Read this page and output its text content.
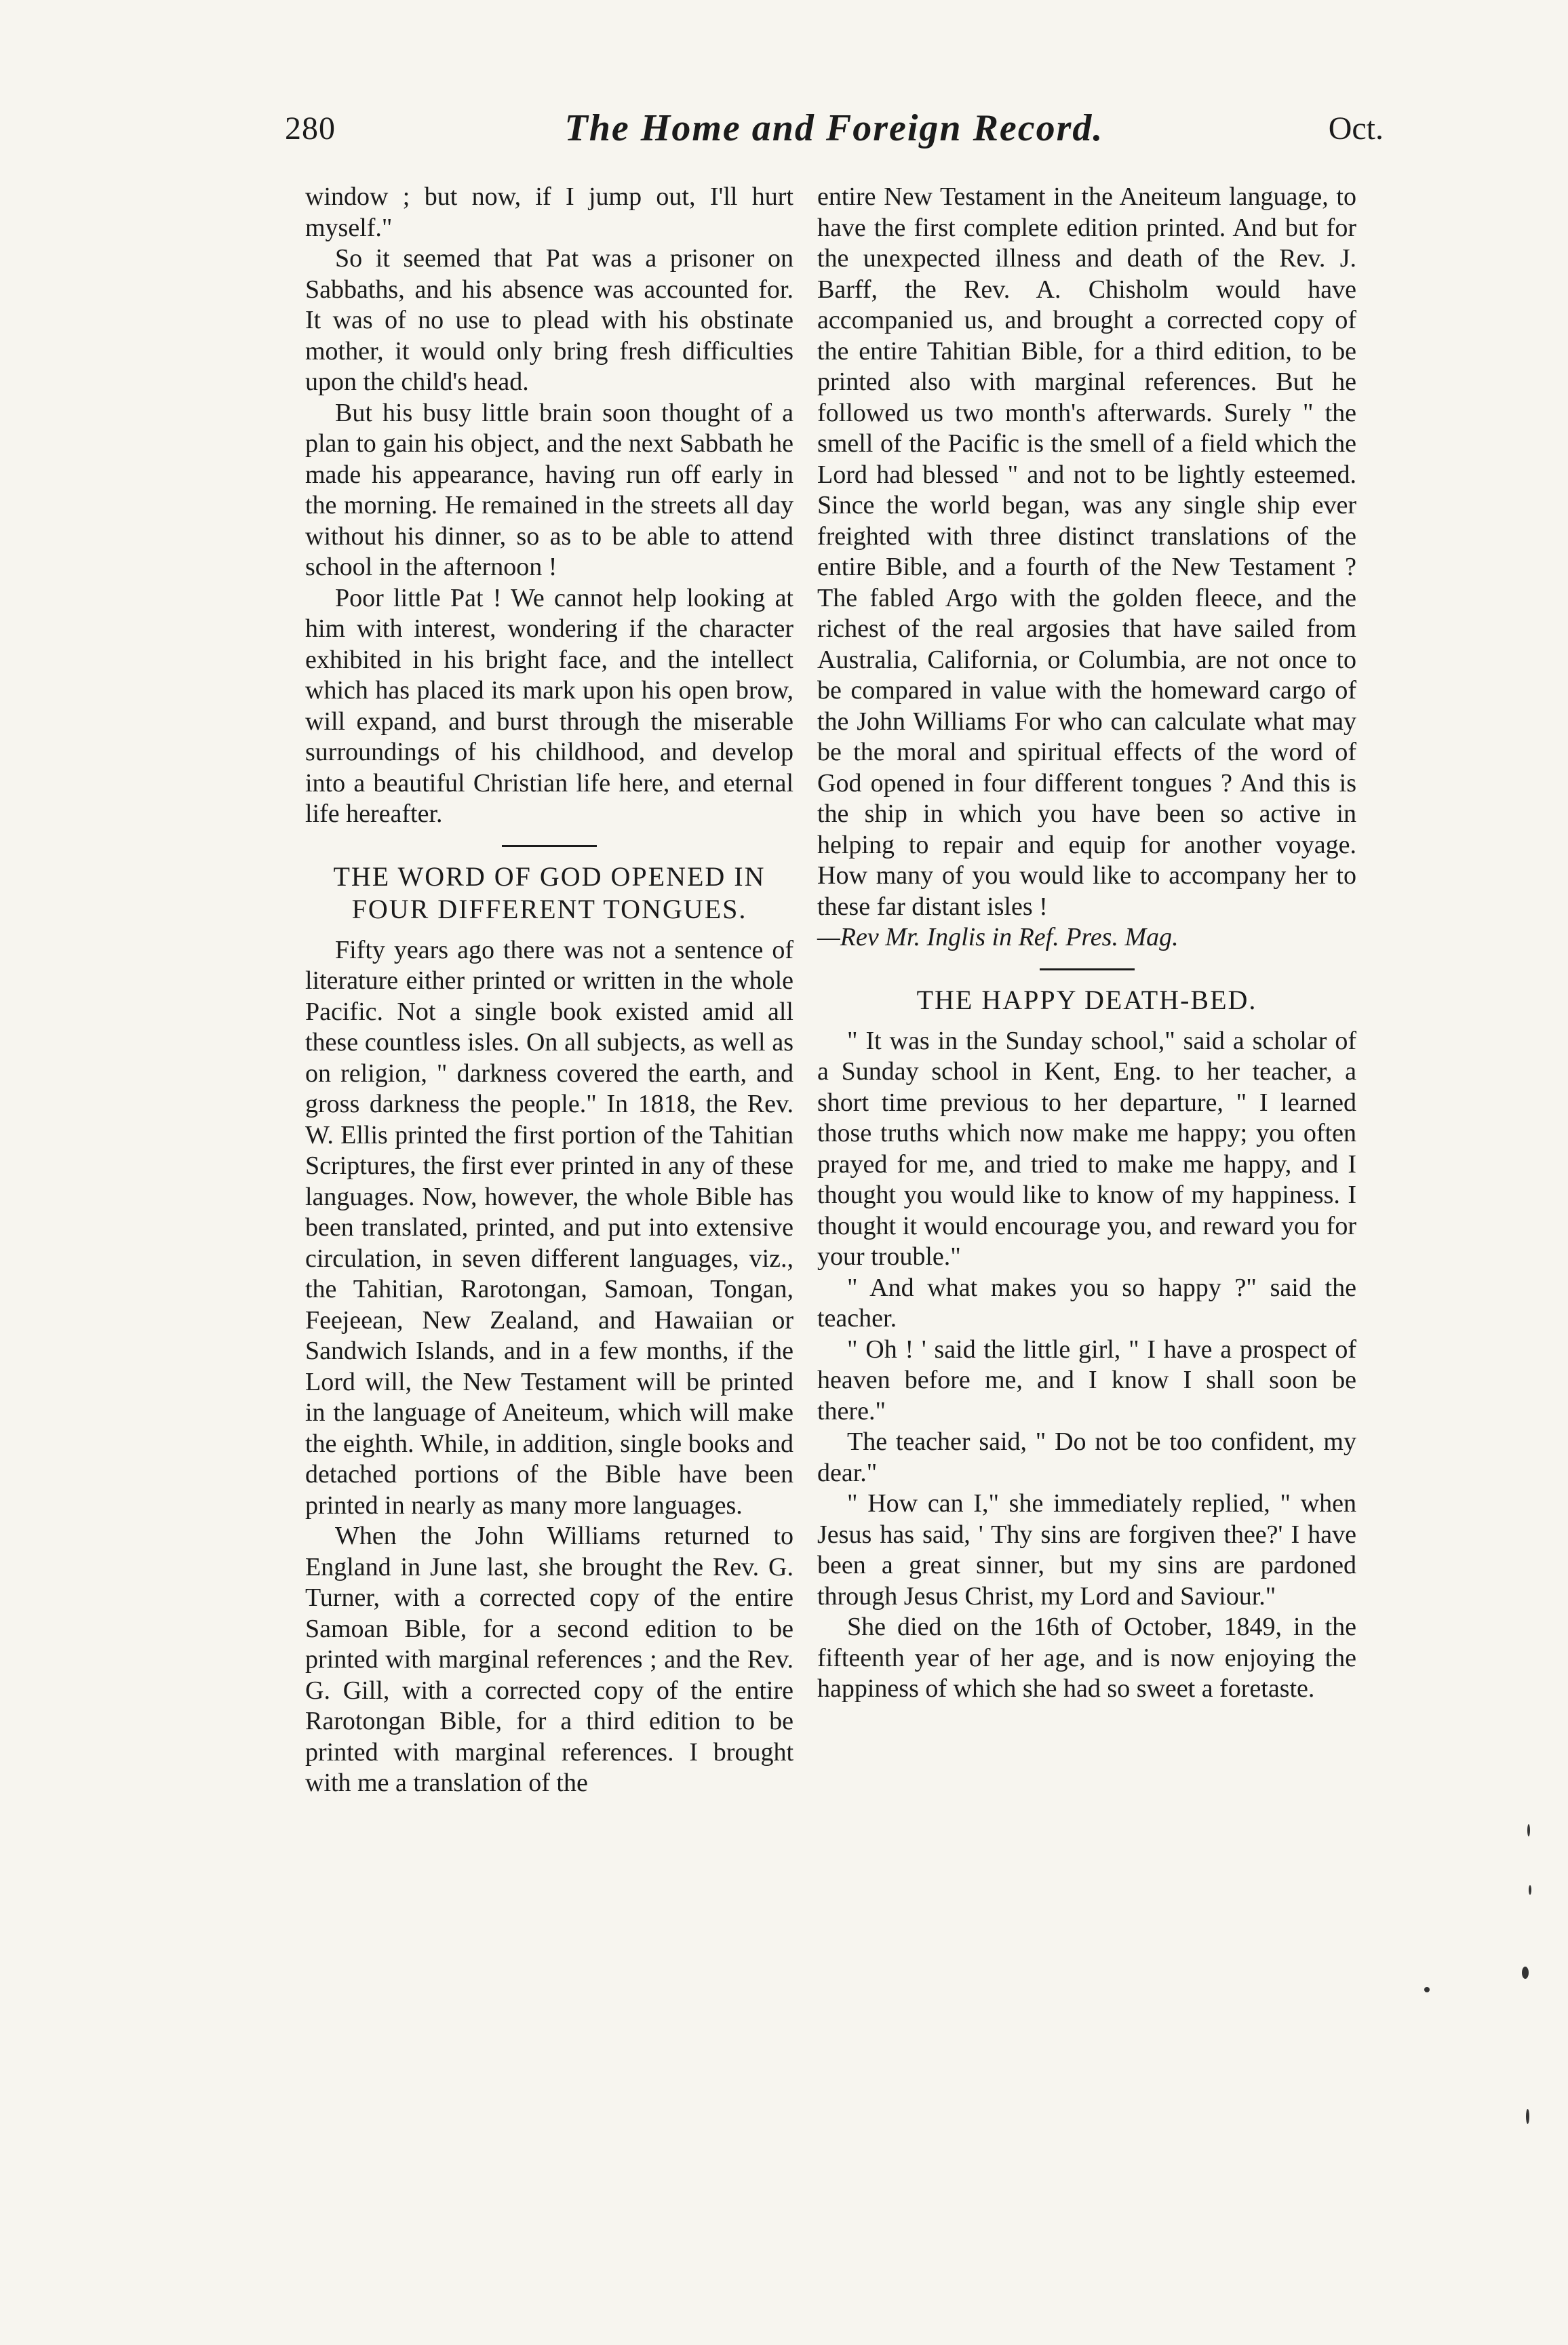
280	The Home and Foreign Record.	Oct.

window ; but now, if I jump out, I'll hurt myself."

So it seemed that Pat was a prisoner on Sabbaths, and his absence was accounted for. It was of no use to plead with his obstinate mother, it would only bring fresh difficulties upon the child's head.

But his busy little brain soon thought of a plan to gain his object, and the next Sabbath he made his appearance, having run off early in the morning. He remained in the streets all day without his dinner, so as to be able to attend school in the afternoon !

Poor little Pat ! We cannot help looking at him with interest, wondering if the character exhibited in his bright face, and the intellect which has placed its mark upon his open brow, will expand, and burst through the miserable surroundings of his childhood, and develop into a beautiful Christian life here, and eternal life hereafter.

THE WORD OF GOD OPENED IN
FOUR DIFFERENT TONGUES.

Fifty years ago there was not a sentence of literature either printed or written in the whole Pacific. Not a single book existed amid all these countless isles. On all subjects, as well as on religion, " darkness covered the earth, and gross darkness the people." In 1818, the Rev. W. Ellis printed the first portion of the Tahitian Scriptures, the first ever printed in any of these languages. Now, however, the whole Bible has been translated, printed, and put into extensive circulation, in seven different languages, viz., the Tahitian, Rarotongan, Samoan, Tongan, Feejeean, New Zealand, and Hawaiian or Sandwich Islands, and in a few months, if the Lord will, the New Testament will be printed in the language of Aneiteum, which will make the eighth. While, in addition, single books and detached portions of the Bible have been printed in nearly as many more languages.

When the John Williams returned to England in June last, she brought the Rev. G. Turner, with a corrected copy of the entire Samoan Bible, for a second edition to be printed with marginal references ; and the Rev. G. Gill, with a corrected copy of the entire Rarotongan Bible, for a third edition to be printed with marginal references. I brought with me a translation of the

entire New Testament in the Aneiteum language, to have the first complete edition printed. And but for the unexpected illness and death of the Rev. J. Barff, the Rev. A. Chisholm would have accompanied us, and brought a corrected copy of the entire Tahitian Bible, for a third edition, to be printed also with marginal references. But he followed us two month's afterwards. Surely " the smell of the Pacific is the smell of a field which the Lord had blessed " and not to be lightly esteemed. Since the world began, was any single ship ever freighted with three distinct translations of the entire Bible, and a fourth of the New Testament ? The fabled Argo with the golden fleece, and the richest of the real argosies that have sailed from Australia, California, or Columbia, are not once to be compared in value with the homeward cargo of the John Williams For who can calculate what may be the moral and spiritual effects of the word of God opened in four different tongues ? And this is the ship in which you have been so active in helping to repair and equip for another voyage. How many of you would like to accompany her to these far distant isles !

—Rev Mr. Inglis in Ref. Pres. Mag.

THE HAPPY DEATH-BED.

" It was in the Sunday school," said a scholar of a Sunday school in Kent, Eng. to her teacher, a short time previous to her departure, " I learned those truths which now make me happy; you often prayed for me, and tried to make me happy, and I thought you would like to know of my happiness. I thought it would encourage you, and reward you for your trouble."

" And what makes you so happy ?" said the teacher.

" Oh ! ' said the little girl, " I have a prospect of heaven before me, and I know I shall soon be there."

The teacher said, " Do not be too confident, my dear."

" How can I," she immediately replied, " when Jesus has said, ' Thy sins are forgiven thee?' I have been a great sinner, but my sins are pardoned through Jesus Christ, my Lord and Saviour."

She died on the 16th of October, 1849, in the fifteenth year of her age, and is now enjoying the happiness of which she had so sweet a foretaste.
